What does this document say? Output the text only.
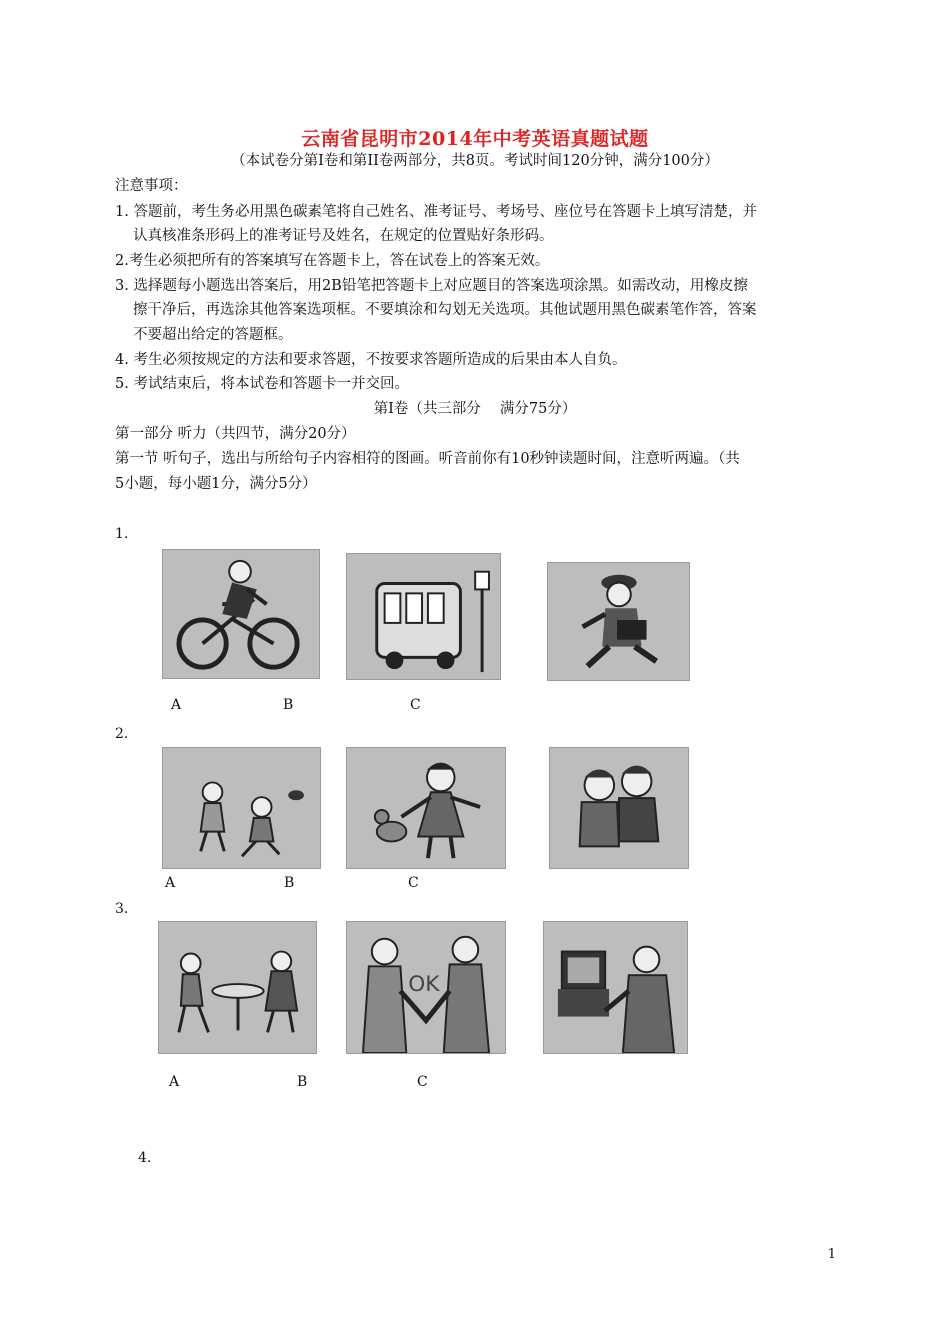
云南省昆明市2014年中考英语真题试题
（本试卷分第I卷和第II卷两部分，共8页。考试时间120分钟，满分100分）
注意事项：
1. 答题前，考生务必用黑色碳素笔将自己姓名、准考证号、考场号、座位号在答题卡上填写清楚，并
认真核准条形码上的准考证号及姓名，在规定的位置贴好条形码。
2.考生必须把所有的答案填写在答题卡上，答在试卷上的答案无效。
3. 选择题每小题选出答案后，用2B铅笔把答题卡上对应题目的答案选项涂黑。如需改动，用橡皮擦
擦干净后，再选涂其他答案选项框。不要填涂和勾划无关选项。其他试题用黑色碳素笔作答，答案
不要超出给定的答题框。
4. 考生必须按规定的方法和要求答题，不按要求答题所造成的后果由本人自负。
5. 考试结束后，将本试卷和答题卡一并交回。
第I卷（共三部分　 满分75分）
第一部分 听力（共四节，满分20分）
第一节 听句子，选出与所给句子内容相符的图画。听音前你有10秒钟读题时间，注意听两遍。（共
5小题，每小题1分，满分5分）
1.
A	B	C
2.
A	B	C
3.
OK
A	B	C
4.
1
